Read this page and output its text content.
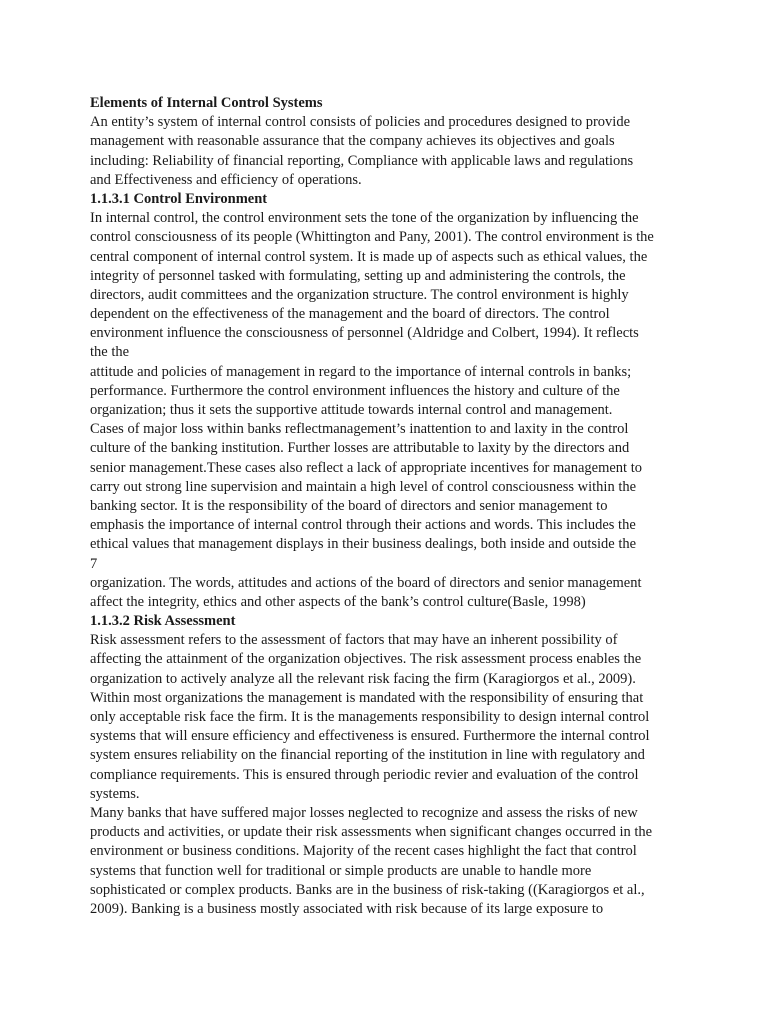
Elements of Internal Control Systems
An entity’s system of internal control consists of policies and procedures designed to provide
management with reasonable assurance that the company achieves its objectives and goals
including: Reliability of financial reporting, Compliance with applicable laws and regulations
and Effectiveness and efficiency of operations.
1.1.3.1 Control Environment
In internal control, the control environment sets the tone of the organization by influencing the
control consciousness of its people (Whittington and Pany, 2001). The control environment is the
central component of internal control system. It is made up of aspects such as ethical values, the
integrity of personnel tasked with formulating, setting up and administering the controls, the
directors, audit committees and the organization structure. The control environment is highly
dependent on the effectiveness of the management and the board of directors. The control
environment influence the consciousness of personnel (Aldridge and Colbert, 1994). It reflects
the the
attitude and policies of management in regard to the importance of internal controls in banks;
performance. Furthermore the control environment influences the history and culture of the
organization; thus it sets the supportive attitude towards internal control and management.
Cases of major loss within banks reflectmanagement’s inattention to and laxity in the control
culture of the banking institution. Further losses are attributable to laxity by the directors and
senior management.These cases also reflect a lack of appropriate incentives for management to
carry out strong line supervision and maintain a high level of control consciousness within the
banking sector. It is the responsibility of the board of directors and senior management to
emphasis the importance of internal control through their actions and words. This includes the
ethical values that management displays in their business dealings, both inside and outside the
7
organization. The words, attitudes and actions of the board of directors and senior management
affect the integrity, ethics and other aspects of the bank’s control culture(Basle, 1998)
1.1.3.2 Risk Assessment
Risk assessment refers to the assessment of factors that may have an inherent possibility of
affecting the attainment of the organization objectives. The risk assessment process enables the
organization to actively analyze all the relevant risk facing the firm (Karagiorgos et al., 2009).
Within most organizations the management is mandated with the responsibility of ensuring that
only acceptable risk face the firm. It is the managements responsibility to design internal control
systems that will ensure efficiency and effectiveness is ensured. Furthermore the internal control
system ensures reliability on the financial reporting of the institution in line with regulatory and
compliance requirements. This is ensured through periodic revier and evaluation of the control
systems.
Many banks that have suffered major losses neglected to recognize and assess the risks of new
products and activities, or update their risk assessments when significant changes occurred in the
environment or business conditions. Majority of the recent cases highlight the fact that control
systems that function well for traditional or simple products are unable to handle more
sophisticated or complex products. Banks are in the business of risk-taking ((Karagiorgos et al.,
2009). Banking is a business mostly associated with risk because of its large exposure to
